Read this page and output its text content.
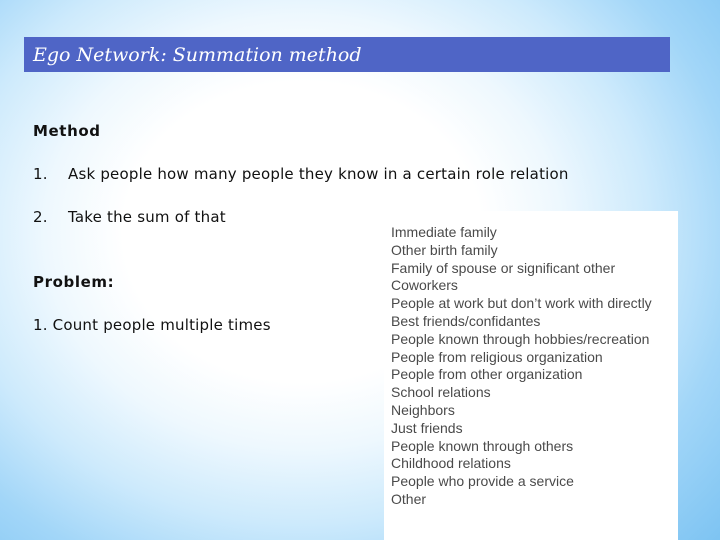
Ego Network: Summation method
Method
1.	Ask people how many people they know in a certain role relation
2.	Take the sum of that
Problem:
1. Count people multiple times
Immediate family
Other birth family
Family of spouse or significant other
Coworkers
People at work but don’t work with directly
Best friends/confidantes
People known through hobbies/recreation
People from religious organization
People from other organization
School relations
Neighbors
Just friends
People known through others
Childhood relations
People who provide a service
Other
